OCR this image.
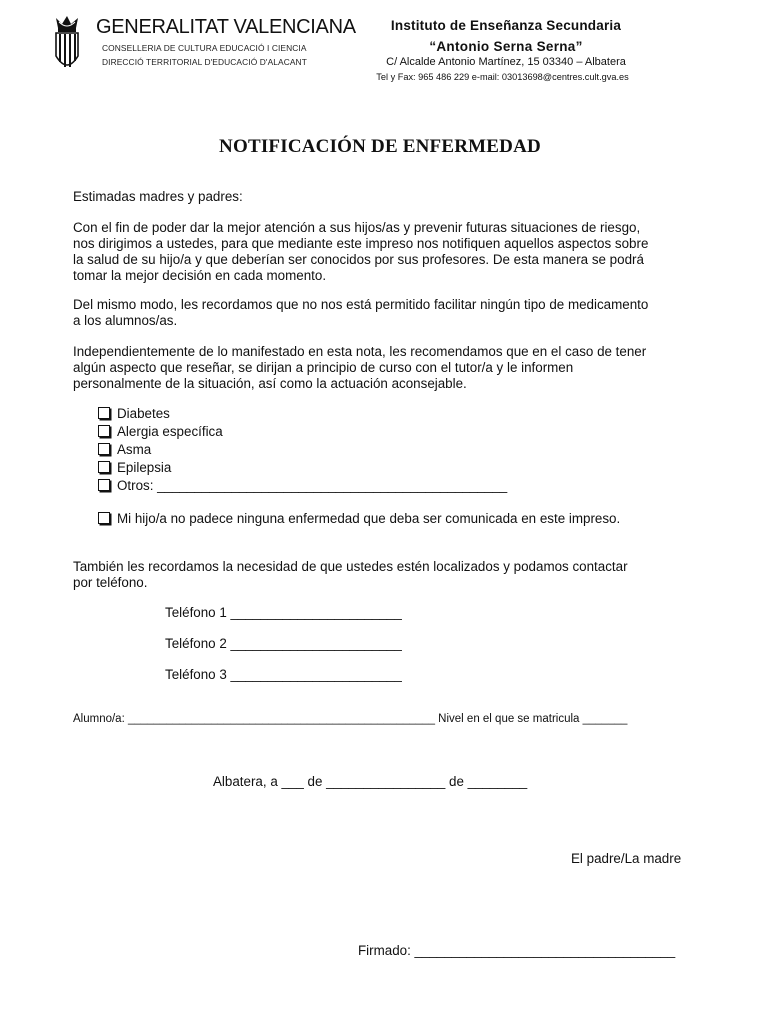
GENERALITAT VALENCIANA
CONSELLERIA DE CULTURA EDUCACIÓ I CIENCIA
DIRECCIÓ TERRITORIAL D'EDUCACIÓ D'ALACANT
Instituto de Enseñanza Secundaria
“Antonio Serna Serna”
C/ Alcalde Antonio Martínez, 15 03340 – Albatera
Tel y Fax: 965 486 229 e-mail: 03013698@centres.cult.gva.es
NOTIFICACIÓN DE ENFERMEDAD
Estimadas madres y padres:
Con el fin de poder dar la mejor atención a sus hijos/as y prevenir futuras situaciones de riesgo,
nos dirigimos a ustedes, para que mediante este impreso nos notifiquen aquellos aspectos sobre
la salud de su hijo/a y que deberían ser conocidos por sus profesores. De esta manera se podrá
tomar la mejor decisión en cada momento.
Del mismo modo, les recordamos que no nos está permitido facilitar ningún tipo de medicamento
a los alumnos/as.
Independientemente de lo manifestado en esta nota, les recomendamos que en el caso de tener
algún aspecto que reseñar, se dirijan a principio de curso con el tutor/a y le informen
personalmente de la situación, así como la actuación aconsejable.
Diabetes
Alergia específica
Asma
Epilepsia
Otros: _______________________________________________
Mi hijo/a no padece ninguna enfermedad que deba ser comunicada en este impreso.
También les recordamos la necesidad de que ustedes estén localizados y podamos contactar
por teléfono.
Teléfono 1 _______________________
Teléfono 2 _______________________
Teléfono 3 _______________________
Alumno/a: ________________________________________________ Nivel en el que se matricula _______
Albatera, a ___ de ________________ de ________
El padre/La madre
Firmado: ___________________________________
